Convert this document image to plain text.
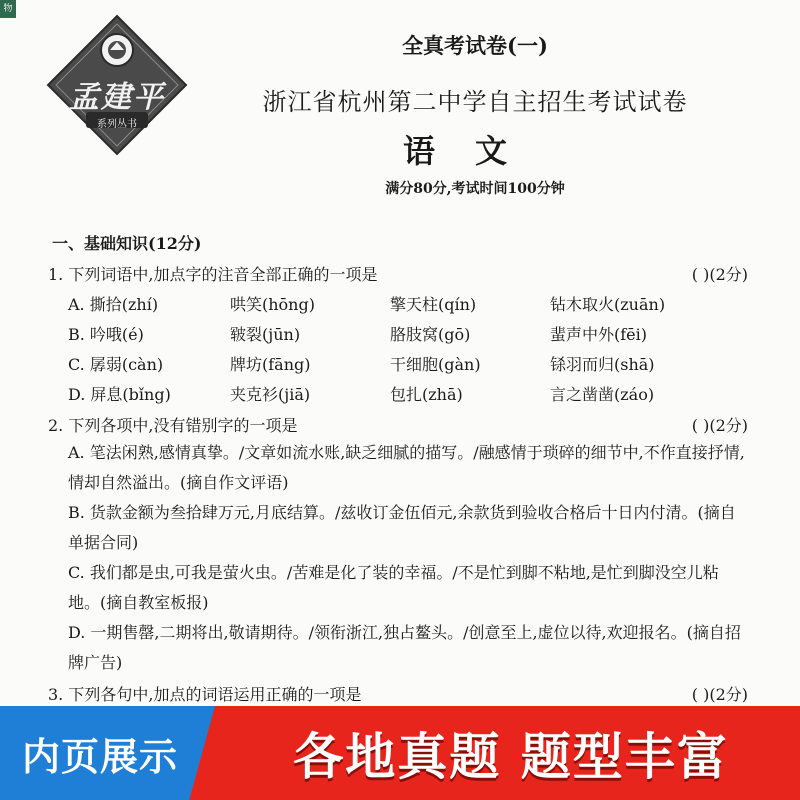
物
孟建平
系列丛书
全真考试卷(一)
浙江省杭州第二中学自主招生考试试卷
语文
满分80分,考试时间100分钟
一、基础知识(12分)
1. 下列词语中,加点字的注音全部正确的一项是	( )(2分)
A. 撕拾(zhí)	哄笑(hōng)	擎天柱(qín)	钻木取火(zuān)
B. 吟哦(é)	皲裂(jūn)	胳肢窝(gō)	蜚声中外(fēi)
C. 孱弱(càn)	牌坊(fāng)	干细胞(gàn)	铩羽而归(shā)
D. 屏息(bǐng)	夹克衫(jiā)	包扎(zhā)	言之凿凿(záo)
2. 下列各项中,没有错别字的一项是	( )(2分)
A. 笔法闲熟,感情真挚。/文章如流水账,缺乏细腻的描写。/融感情于琐碎的细节中,不作直接抒情,情却自然溢出。(摘自作文评语)
B. 货款金额为叁拾肆万元,月底结算。/兹收订金伍佰元,余款货到验收合格后十日内付清。(摘自单据合同)
C. 我们都是虫,可我是萤火虫。/苦难是化了装的幸福。/不是忙到脚不粘地,是忙到脚没空儿粘地。(摘自教室板报)
D. 一期售罄,二期将出,敬请期待。/领衔浙江,独占鳌头。/创意至上,虚位以待,欢迎报名。(摘自招牌广告)
3. 下列各句中,加点的词语运用正确的一项是	( )(2分)
内页展示	各地真题 题型丰富
